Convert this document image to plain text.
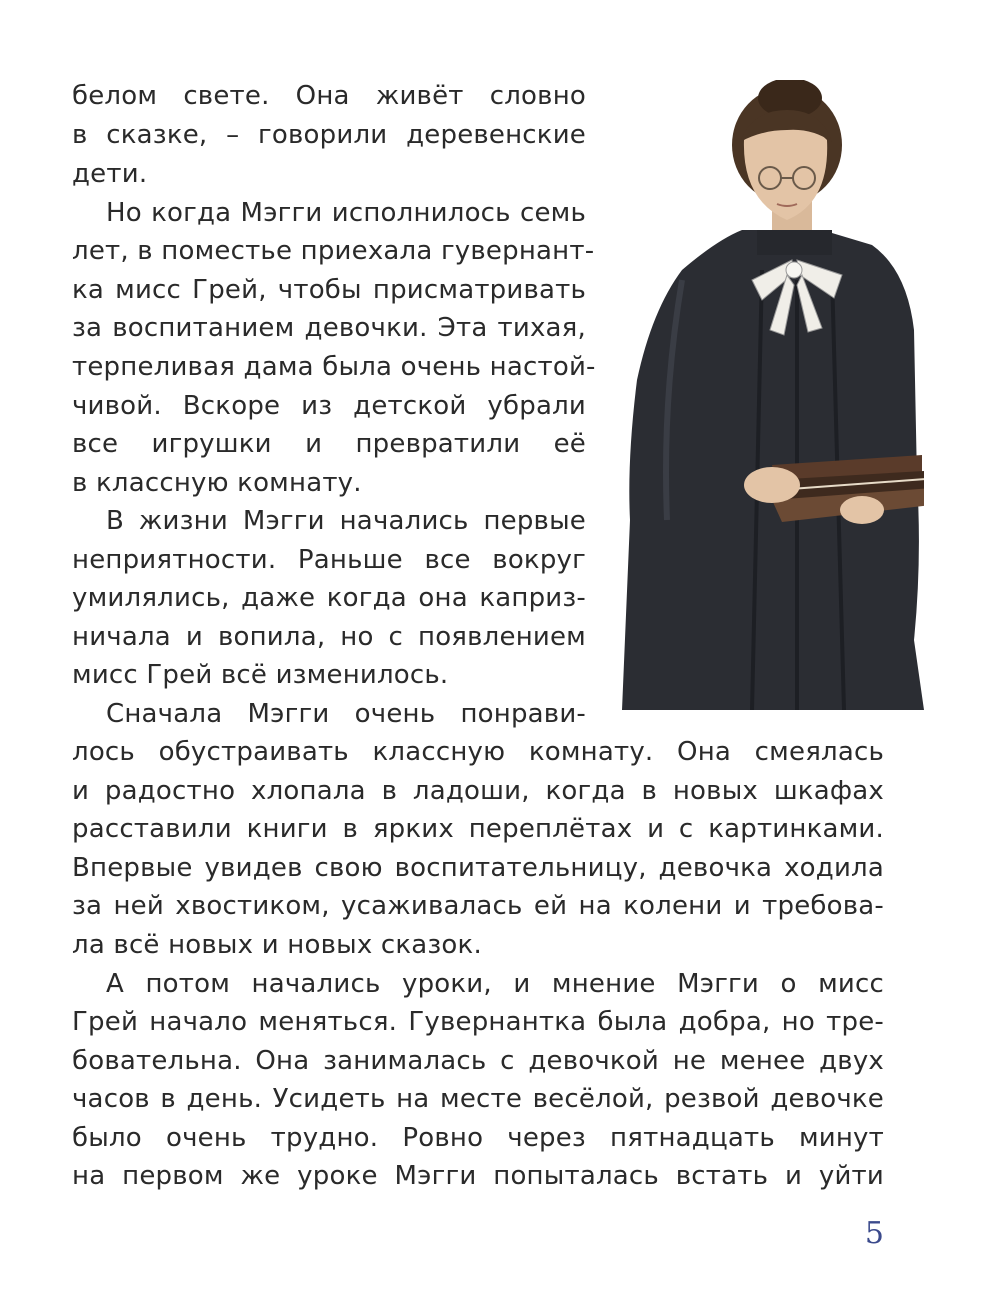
белом свете. Она живёт словно
в сказке, – говорили деревенские
дети.
Но когда Мэгги исполнилось семь
лет, в поместье приехала гувернант-
ка мисс Грей, чтобы присматривать
за воспитанием девочки. Эта тихая,
терпеливая дама была очень настой-
чивой. Вскоре из детской убрали
все игрушки и превратили её
в классную комнату.
В жизни Мэгги начались первые
неприятности. Раньше все вокруг
умилялись, даже когда она каприз-
ничала и вопила, но с появлением
мисс Грей всё изменилось.
Сначала Мэгги очень понрави-
лось обустраивать классную комнату. Она смеялась
и радостно хлопала в ладоши, когда в новых шкафах
расставили книги в ярких переплётах и с картинками.
Впервые увидев свою воспитательницу, девочка ходила
за ней хвостиком, усаживалась ей на колени и требова-
ла всё новых и новых сказок.
А потом начались уроки, и мнение Мэгги о мисс
Грей начало меняться. Гувернантка была добра, но тре-
бовательна. Она занималась с девочкой не менее двух
часов в день. Усидеть на месте весёлой, резвой девочке
было очень трудно. Ровно через пятнадцать минут
на первом же уроке Мэгги попыталась встать и уйти
5
